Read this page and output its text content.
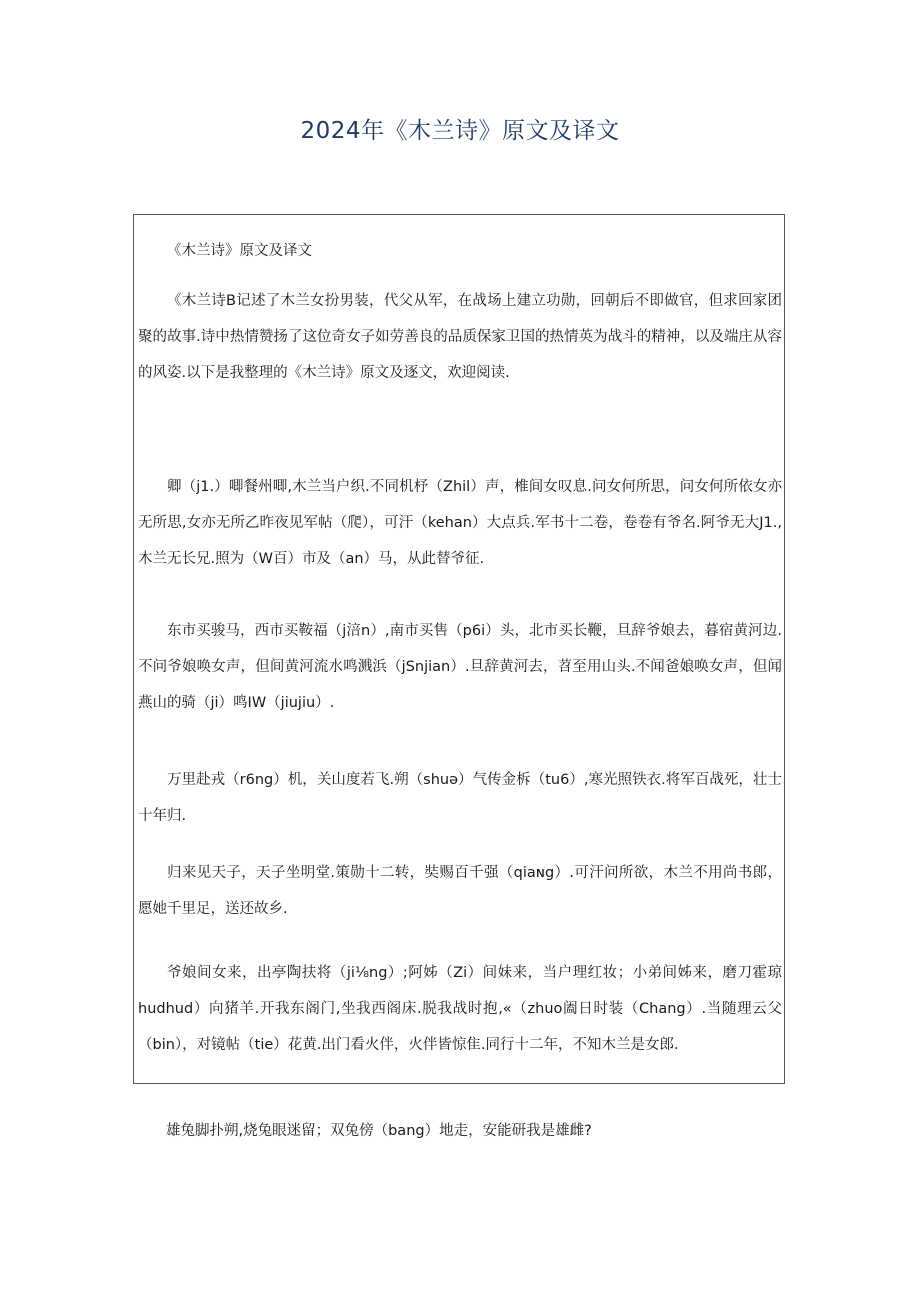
2024年《木兰诗》原文及译文

《木兰诗》原文及译文

《木兰诗B记述了木兰女扮男装，代父从军，在战场上建立功勋，回朝后不即做官，但求回家团聚的故事.诗中热情赞扬了这位奇女子如劳善良的品质保家卫国的热情英为战斗的精神，以及端庄从容的风姿.以下是我整理的《木兰诗》原文及逐文，欢迎阅读.

卿（j1.）唧餐州唧,木兰当户织.不同机杼（Zhil）声，椎间女叹息.问女何所思，问女何所依女亦无所思,女亦无所乙昨夜见军帖（爬），可汗（kehan）大点兵.军书十二卷，卷卷有爷名.阿爷无大J1.,木兰无长兄.照为（W百）市及（an）马，从此替爷征.

东市买骏马，西市买鞍福（j涪n）,南市买售（p6i）头，北市买长鞭，旦辞爷娘去，暮宿黄河边.不问爷娘唤女声，但间黄河流水鸣溅浜（jSnjian）.旦辞黄河去，苕至用山头.不闻爸娘唤女声，但闻燕山的骑（ji）鸣IW（jiujiu）.

万里赴戎（r6ng）机，关山度若飞.朔（shuə）气传金柝（tu6）,寒光照铁衣.将军百战死，壮士十年归.

归来见天子，天子坐明堂.策勋十二转，奘赐百千强（qiaɴg）.可汗问所欲，木兰不用尚书郎，愿她千里足，送还故乡.

爷娘间女来，出亭陶扶将（ji⅛ng）;阿姊（Zi）间妹来，当户理红妆；小弟间姊来，磨刀霍琼hudhud）向猪羊.开我东阁门,坐我西阁床.脱我战时抱,«（zhuo阖日时装（Chang）.当随理云父（bin），对镜帖（tie）花黄.出门看火伴，火伴皆惊隹.同行十二年，不知木兰是女郎.

雄兔脚扑朔,烧兔眼迷留；双兔傍（bang）地走，安能研我是雄雌?
